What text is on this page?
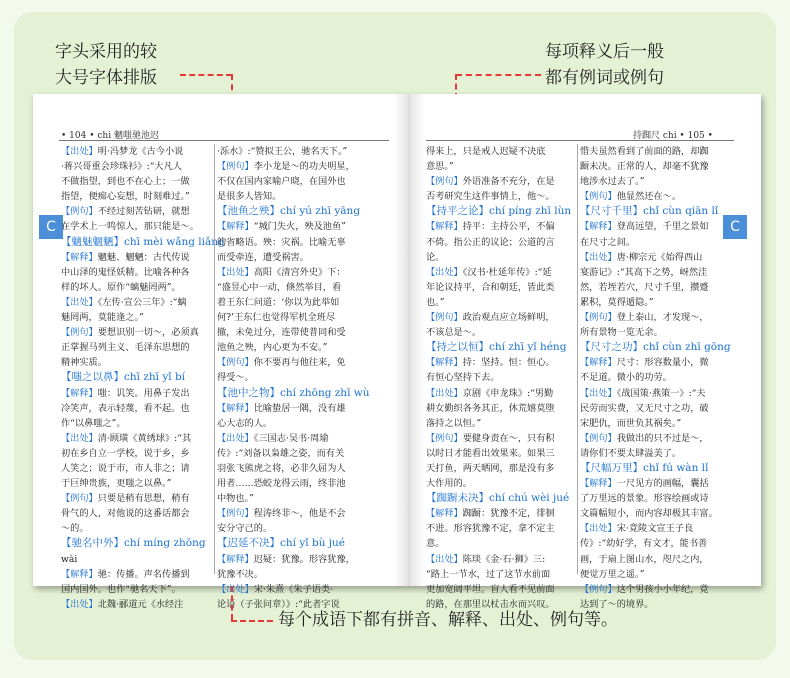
字头采用的较
大号字体排版
每项释义后一般
都有例词或例句
C	C
• 104 • chi 魑嗤驰池迟	持踟尺 chi • 105 •

【出处】明·冯梦龙《古今小说

·蒋兴哥重会珍珠衫》:“大凡人

不做指望，到也不在心上；一做

指望，便痴心妄想，时刻难过。”

【例句】不经过刻苦钻研，就想

在学术上一鸣惊人，那只能是～。

【魑魅魍魉】chī mèi wǎng liǎng

【解释】魑魅、魍魉：古代传说

中山泽的鬼怪妖精。比喻各种各

样的坏人。原作“螭魅罔两”。

【出处】《左传·宣公三年》:“螭

魅罔两，莫能逢之。”

【例句】要想识别一切～，必须真

正掌握马列主义、毛泽东思想的

精神实质。

【嗤之以鼻】chī zhī yǐ bí

【解释】嗤：讥笑。用鼻子发出

冷笑声，表示轻蔑，看不起。也

作“以鼻嗤之”。

【出处】清·顾璜《黄绣球》:“其

初在乡自立一学校，说于乡，乡

人笑之；说于市，市人非之；请

于巨绅贵族，更嗤之以鼻。”

【例句】只要是稍有思想，稍有

骨气的人，对他说的这番话都会

～的。

【驰名中外】chí míng zhōng

wài

【解释】驰：传播。声名传播到

国内国外。也作“驰名天下”。

【出处】北魏·郦道元《水经注

·泺水》:“赞拟王公，驰名天下。”

【例句】李小龙是～的功夫明星，

不仅在国内家喻户晓，在国外也

是很多人皆知。

【池鱼之殃】chí yú zhī yāng

【解释】“城门失火，殃及池鱼”

的省略语。殃：灾祸。比喻无辜

而受牵连，遭受祸害。

【出处】高阳《清宫外史》下：

“盛昱心中一动，倏然举目，看

着王东仁问道：‘你以为此举如

何?’王东仁也觉得军机全班尽

撤，未免过分，连带使普同和受

池鱼之殃，内心更为不安。”

【例句】你不要再与他往来，免

得受～。

【池中之物】chí zhōng zhī wù

【解释】比喻蛰居一隅，没有雄

心大志的人。

【出处】《三国志·吴书·周瑜

传》:“刘备以枭雄之姿，而有关

羽张飞熊虎之将，必非久屈为人

用者……恐蛟龙得云雨，终非池

中物也。”

【例句】程涛终非～，他是不会

安分守己的。

【迟延不决】chí yǐ bù jué

【解释】迟疑：犹豫。形容犹豫，

犹豫不决。

【出处】宋·朱熹《朱子语类·

论语（子张问章）》:“此者字说

得来上，只是戒人迟疑不决底

意思。”

【例句】外语准备不充分，在是

否考研究生这件事情上，他～。

【持平之论】chí píng zhī lùn

【解释】持平：主持公平，不偏

不倚。指公正的议论；公道的言

论。

【出处】《汉书·杜延年传》:“延

年论议持平，合和朝廷，皆此类

也。”

【例句】政治观点应立场鲜明，

不该总是～。

【持之以恒】chí zhī yǐ héng

【解释】持：坚持。恒：恒心。

有恒心坚持下去。

【出处】京剧《申龙珠》:“男勤

耕女勤织各务其正，休荒嬉莫堕

落持之以恒。”

【例句】要健身责在～，只有积

以时日才能看出效果来。如果三

天打鱼，两天晒网，那是没有多

大作用的。

【踟蹰未决】chí chú wèi jué

【解释】踟蹰：犹豫不定，徘徊

不进。形容犹豫不定，拿不定主

意。

【出处】陈琰《金·石·狮》三:

“路上一节水，过了这节水前面

更加宽阔平坦。盲人看不见前面

的路，在那里以杖击水而兴叹。

惜夫虽然看到了前面的路，却踟

蹰未决。正常的人，却毫不犹豫

地涉水过去了。”

【例句】他显然还在～。

【尺寸千里】chǐ cùn qiān lǐ

【解释】登高远望，千里之景如

在尺寸之间。

【出处】唐·柳宗元《始得西山

宴游记》:“其高下之势，岈然洼

然，若垤若穴，尺寸千里，攒蹙

累积，莫得遁隐。”

【例句】登上泰山，才发现～，

所有景物一览无余。

【尺寸之功】chǐ cùn zhī gōng

【解释】尺寸：形容数量小，微

不足道。微小的功劳。

【出处】《战国策·燕策一》:“夫

民劳而实费，又无尺寸之功，破

宋肥仇，而世负其祸矣。”

【例句】我做出的只不过是～，

请你们不要太肆溢美了。

【尺幅万里】chǐ fú wàn lǐ

【解释】一尺见方的画幅，囊括

了万里远的景象。形容绘画或诗

文篇幅短小，而内容却极其丰富。

【出处】宋·竟陵文宣王子良

传》:“幼好学，有文才，能书善

画，于扇上图山水，咫尺之内，

便觉万里之遥。”

【例句】这个男孩小小年纪，竟

达到了～的境界。

每个成语下都有拼音、解释、出处、例句等。
